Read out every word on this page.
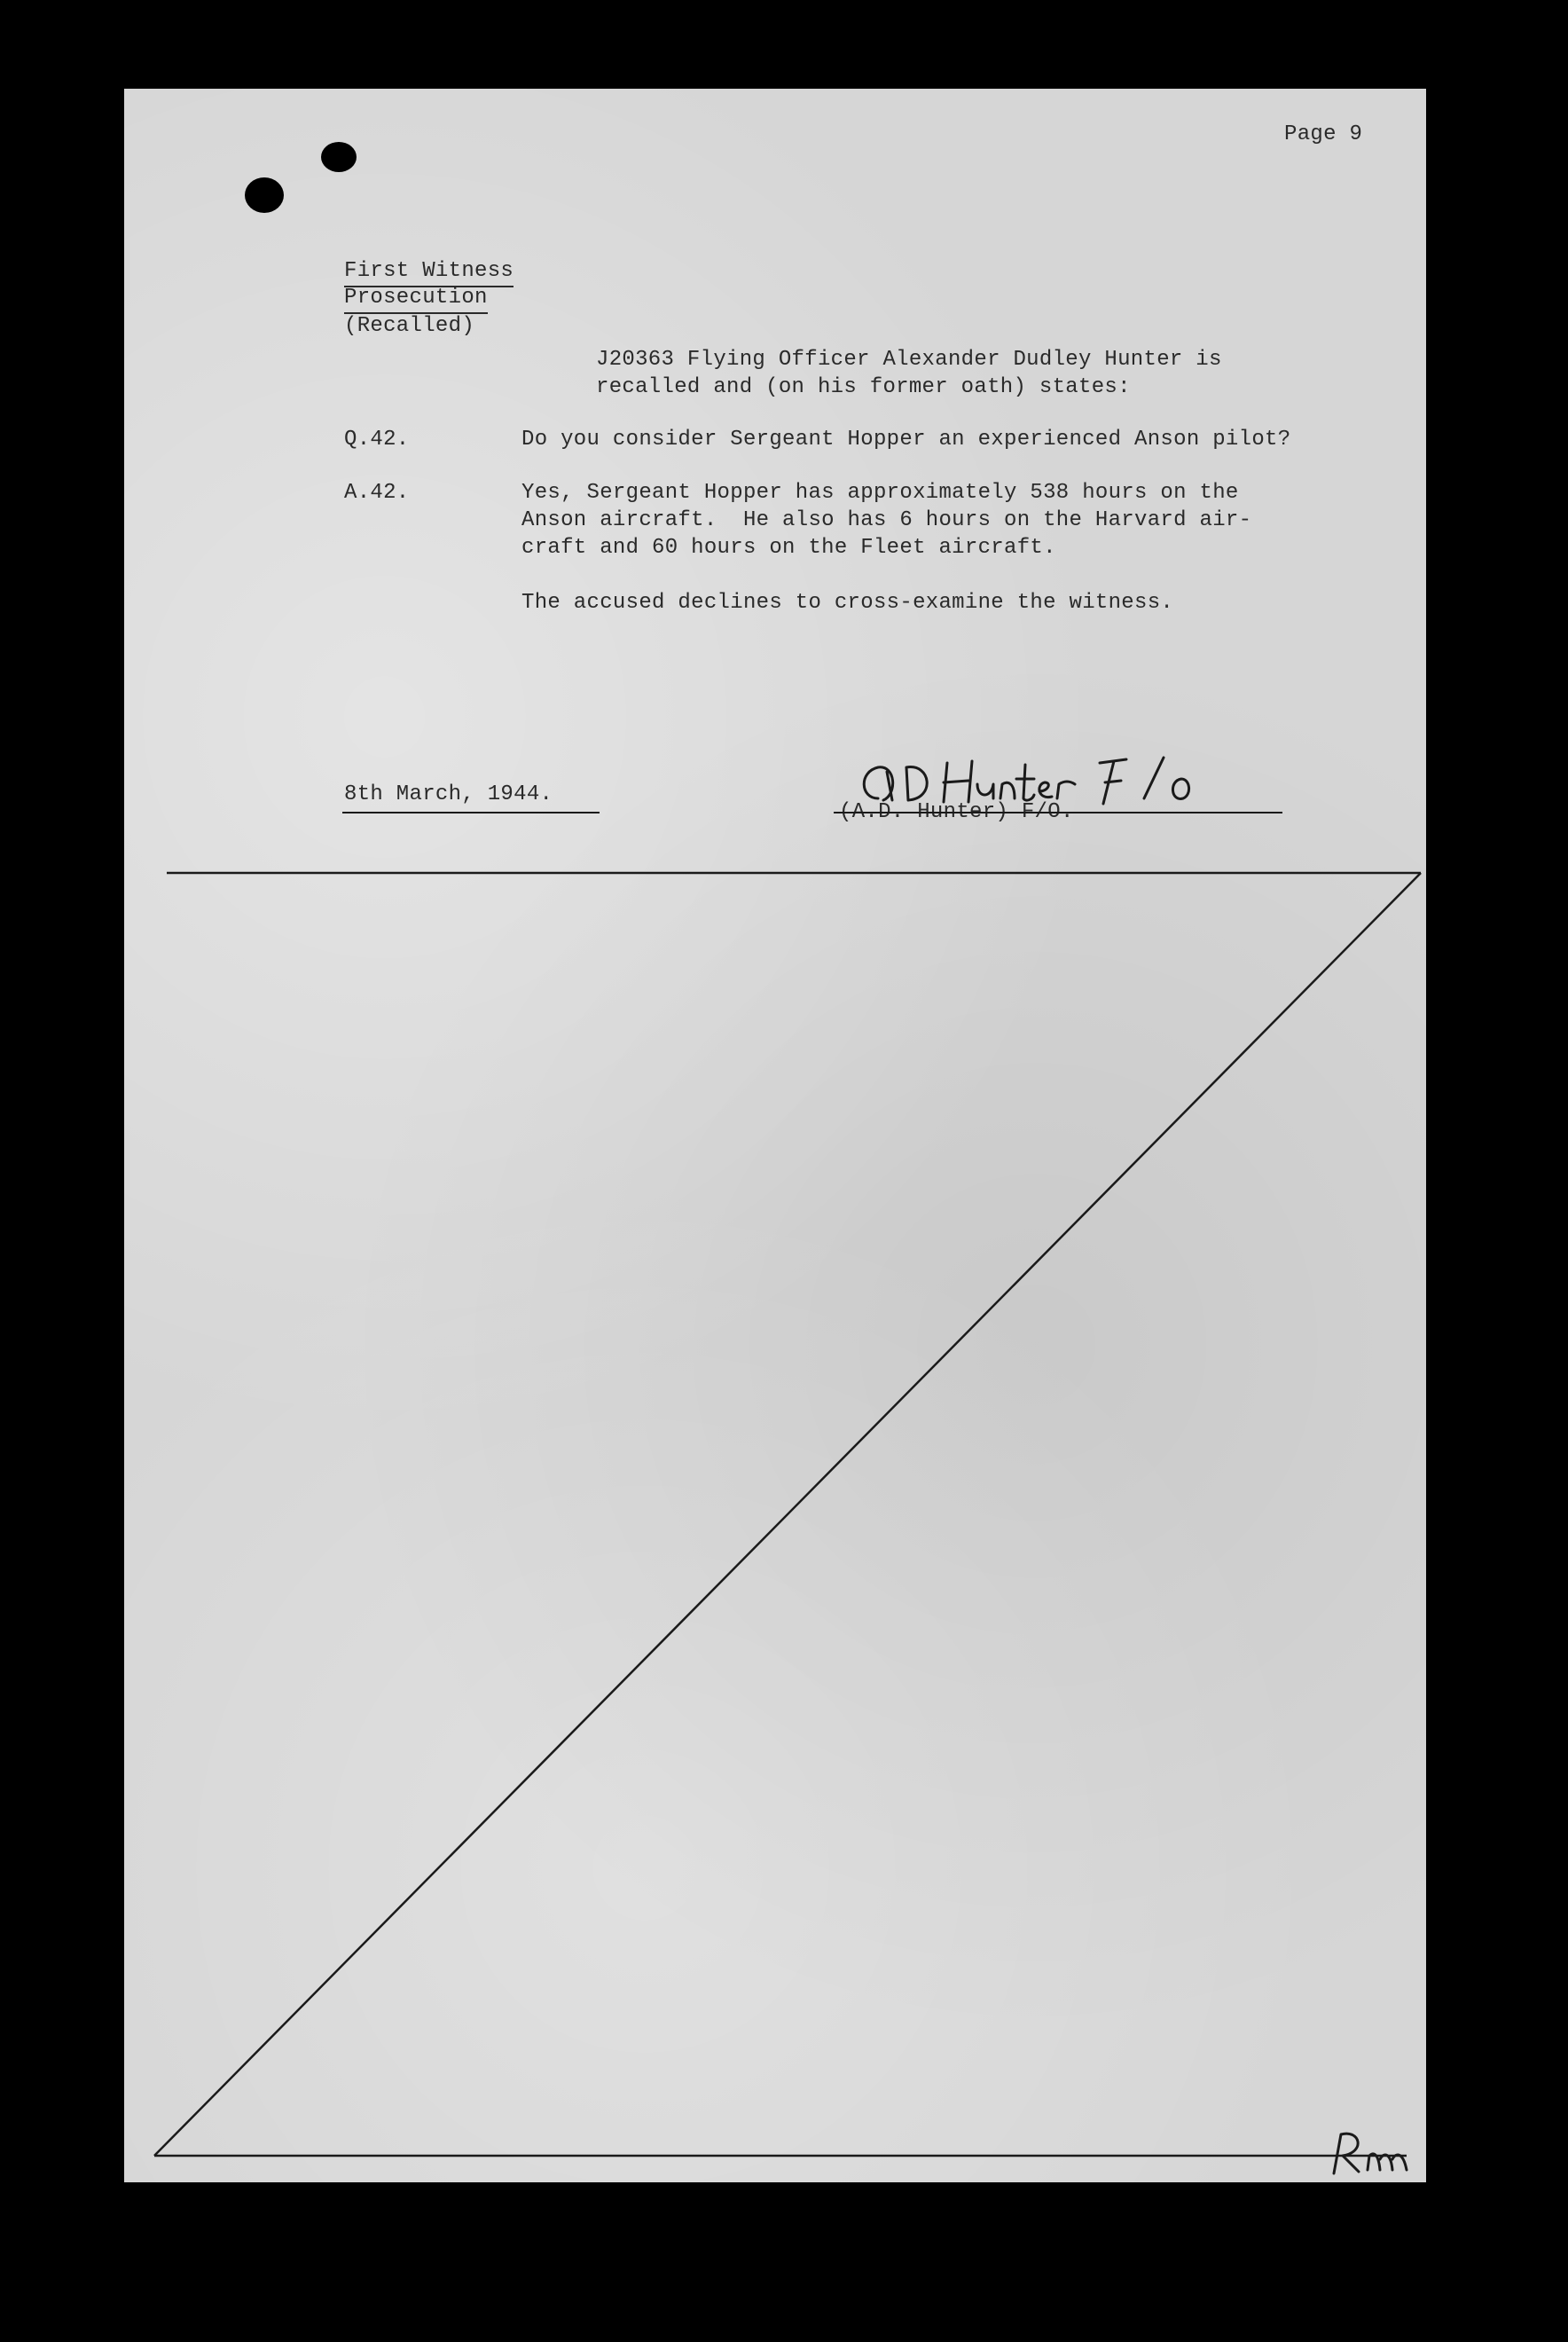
Page 9
First Witness
Prosecution
(Recalled)
J20363 Flying Officer Alexander Dudley Hunter is
recalled and (on his former oath) states:
Q.42.	Do you consider Sergeant Hopper an experienced Anson pilot?
A.42.	Yes, Sergeant Hopper has approximately 538 hours on the
Anson aircraft.  He also has 6 hours on the Harvard air-
craft and 60 hours on the Fleet aircraft.
The accused declines to cross-examine the witness.
8th March, 1944.
(A.D. Hunter) F/O.
